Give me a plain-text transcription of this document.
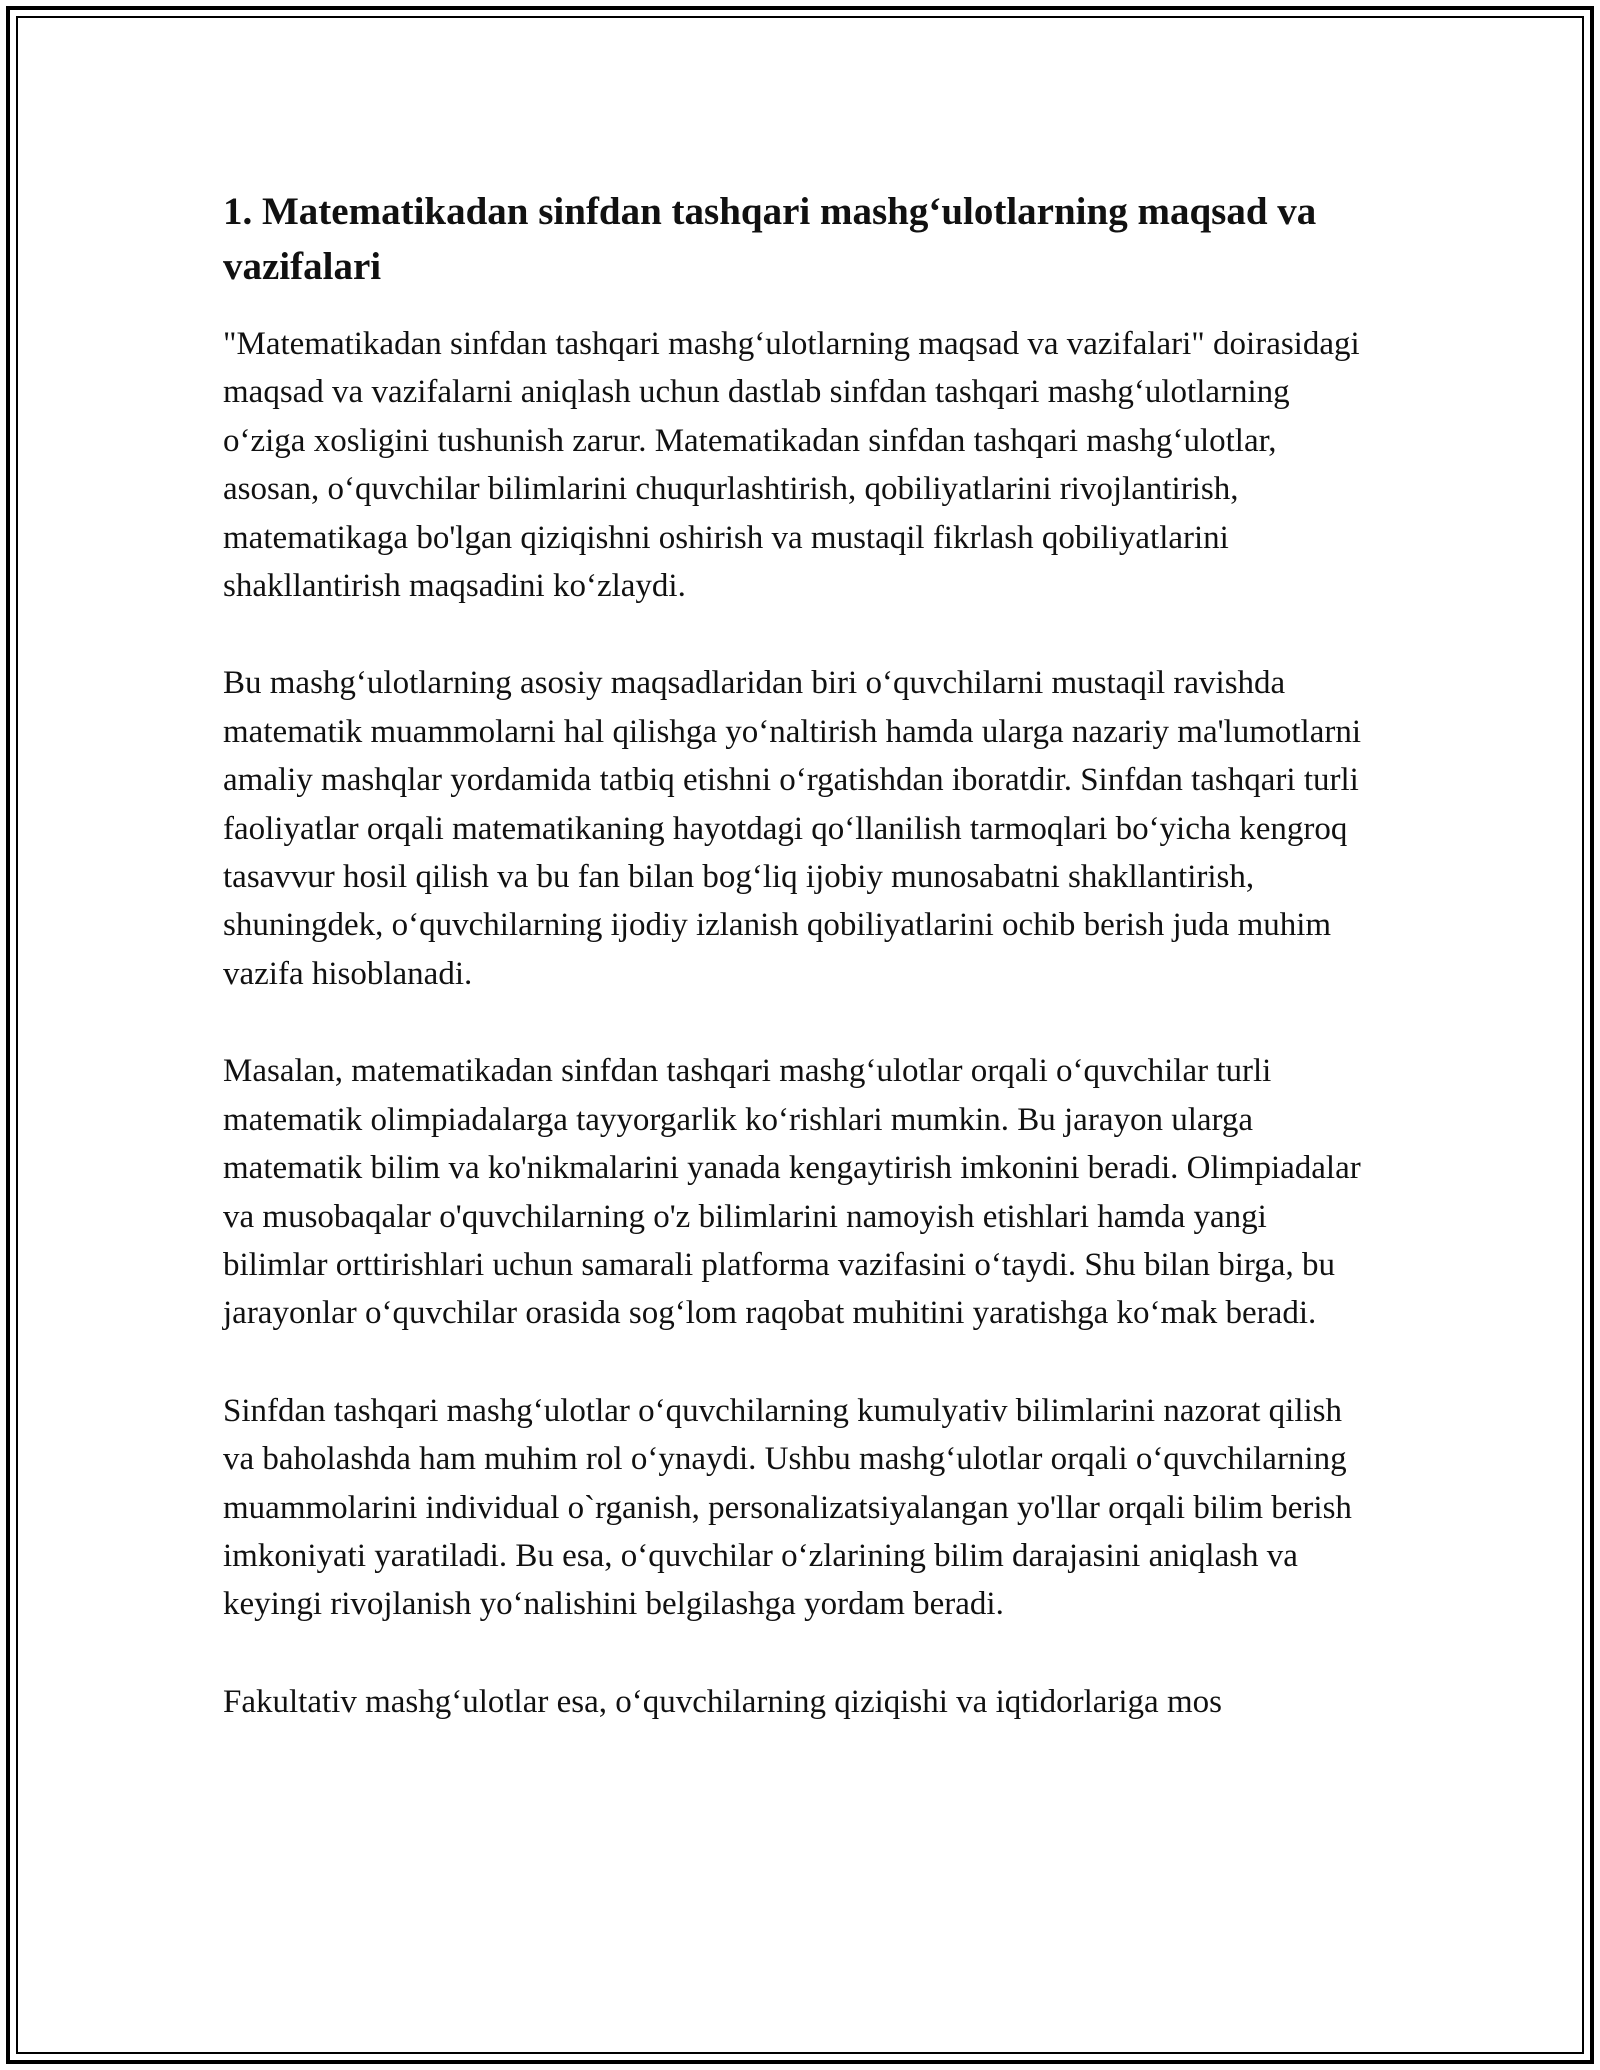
1. Matematikadan sinfdan tashqari mashg‘ulotlarning maqsad va vazifalari

"Matematikadan sinfdan tashqari mashg‘ulotlarning maqsad va vazifalari" doirasidagi maqsad va vazifalarni aniqlash uchun dastlab sinfdan tashqari mashg‘ulotlarning o‘ziga xosligini tushunish zarur. Matematikadan sinfdan tashqari mashg‘ulotlar, asosan, o‘quvchilar bilimlarini chuqurlashtirish, qobiliyatlarini rivojlantirish, matematikaga bo'lgan qiziqishni oshirish va mustaqil fikrlash qobiliyatlarini shakllantirish maqsadini ko‘zlaydi.

Bu mashg‘ulotlarning asosiy maqsadlaridan biri o‘quvchilarni mustaqil ravishda matematik muammolarni hal qilishga yo‘naltirish hamda ularga nazariy ma'lumotlarni amaliy mashqlar yordamida tatbiq etishni o‘rgatishdan iboratdir. Sinfdan tashqari turli faoliyatlar orqali matematikaning hayotdagi qo‘llanilish tarmoqlari bo‘yicha kengroq tasavvur hosil qilish va bu fan bilan bog‘liq ijobiy munosabatni shakllantirish, shuningdek, o‘quvchilarning ijodiy izlanish qobiliyatlarini ochib berish juda muhim vazifa hisoblanadi.

Masalan, matematikadan sinfdan tashqari mashg‘ulotlar orqali o‘quvchilar turli matematik olimpiadalarga tayyorgarlik ko‘rishlari mumkin. Bu jarayon ularga matematik bilim va ko'nikmalarini yanada kengaytirish imkonini beradi. Olimpiadalar va musobaqalar o'quvchilarning o'z bilimlarini namoyish etishlari hamda yangi bilimlar orttirishlari uchun samarali platforma vazifasini o‘taydi. Shu bilan birga, bu jarayonlar o‘quvchilar orasida sog‘lom raqobat muhitini yaratishga ko‘mak beradi.

Sinfdan tashqari mashg‘ulotlar o‘quvchilarning kumulyativ bilimlarini nazorat qilish va baholashda ham muhim rol o‘ynaydi. Ushbu mashg‘ulotlar orqali o‘quvchilarning muammolarini individual o`rganish, personalizatsiyalangan yo'llar orqali bilim berish imkoniyati yaratiladi. Bu esa, o‘quvchilar o‘zlarining bilim darajasini aniqlash va keyingi rivojlanish yo‘nalishini belgilashga yordam beradi.

Fakultativ mashg‘ulotlar esa, o‘quvchilarning qiziqishi va iqtidorlariga mos
